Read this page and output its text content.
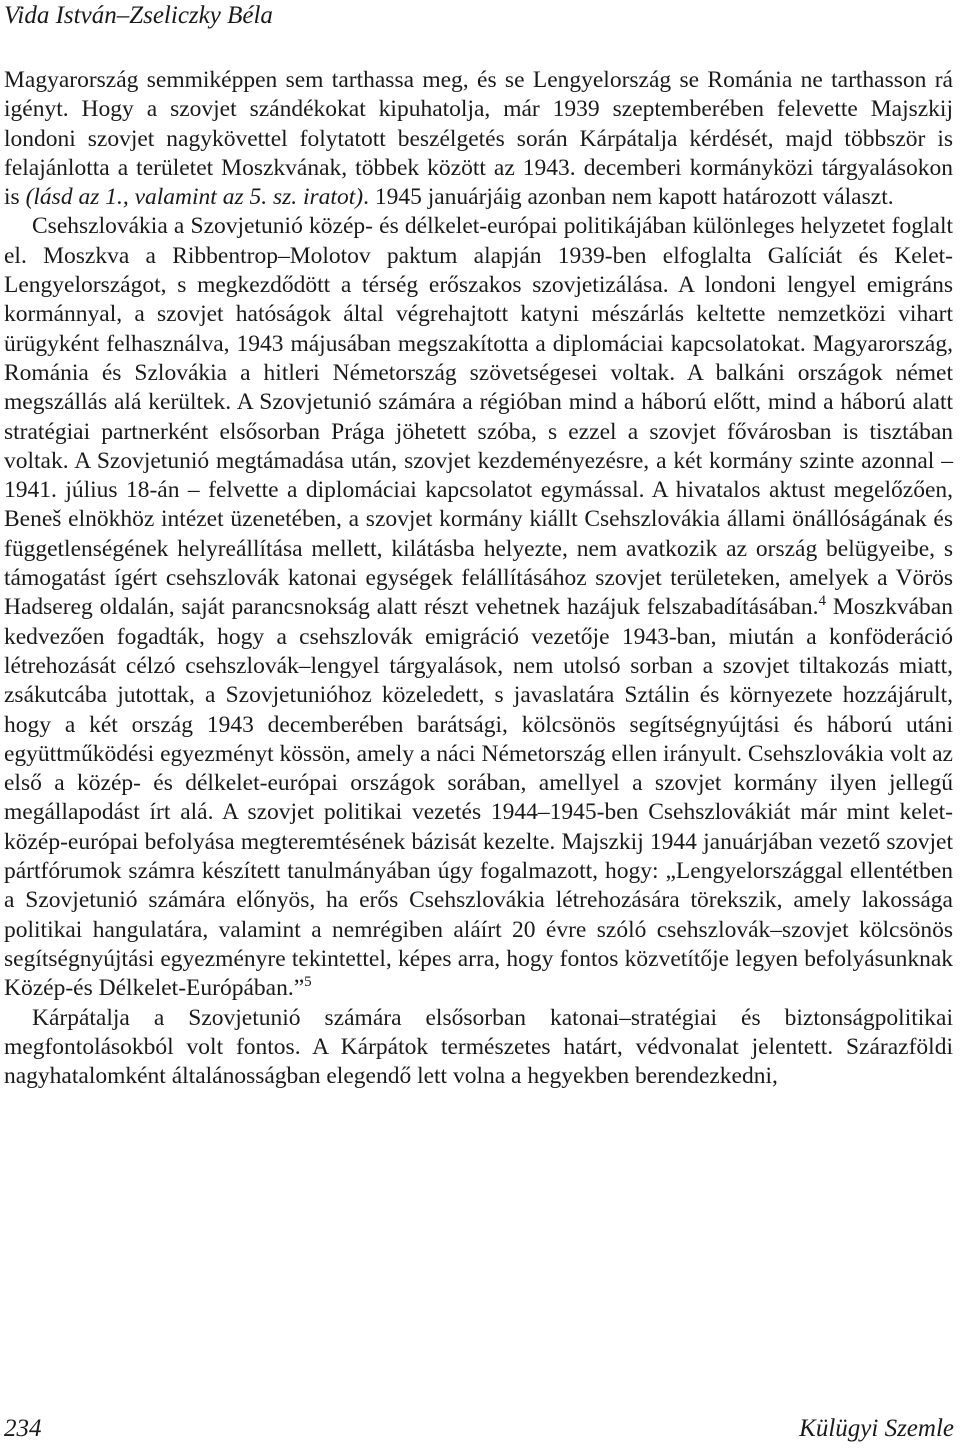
Vida István–Zseliczky Béla

Magyarország semmiképpen sem tarthassa meg, és se Lengyelország se Románia ne tarthasson rá igényt. Hogy a szovjet szándékokat kipuhatolja, már 1939 szeptemberében felevette Majszkij londoni szovjet nagykövettel folytatott beszélgetés során Kárpátalja kérdését, majd többször is felajánlotta a területet Moszkvának, többek között az 1943. decemberi kormányközi tárgyalásokon is (lásd az 1., valamint az 5. sz. iratot). 1945 januárjáig azonban nem kapott határozott választ.

Csehszlovákia a Szovjetunió közép- és délkelet-európai politikájában különleges helyzetet foglalt el. Moszkva a Ribbentrop–Molotov paktum alapján 1939-ben elfoglalta Galíciát és Kelet-Lengyelországot, s megkezdődött a térség erőszakos szovjetizálása. A londoni lengyel emigráns kormánnyal, a szovjet hatóságok által végrehajtott katyni mészárlás keltette nemzetközi vihart ürügyként felhasználva, 1943 májusában megszakította a diplomáciai kapcsolatokat. Magyarország, Románia és Szlovákia a hitleri Németország szövetségesei voltak. A balkáni országok német megszállás alá kerültek. A Szovjetunió számára a régióban mind a háború előtt, mind a háború alatt stratégiai partnerként elsősorban Prága jöhetett szóba, s ezzel a szovjet fővárosban is tisztában voltak. A Szovjetunió megtámadása után, szovjet kezdeményezésre, a két kormány szinte azonnal – 1941. július 18-án – felvette a diplomáciai kapcsolatot egymással. A hivatalos aktust megelőzően, Beneš elnökhöz intézet üzenetében, a szovjet kormány kiállt Csehszlovákia állami önállóságának és függetlenségének helyreállítása mellett, kilátásba helyezte, nem avatkozik az ország belügyeibe, s támogatást ígért csehszlovák katonai egységek felállításához szovjet területeken, amelyek a Vörös Hadsereg oldalán, saját parancsnokság alatt részt vehetnek hazájuk felszabadításában.$^4$ Moszkvában kedvezően fogadták, hogy a csehszlovák emigráció vezetője 1943-ban, miután a konföderáció létrehozását célzó csehszlovák–lengyel tárgyalások, nem utolsó sorban a szovjet tiltakozás miatt, zsákutcába jutottak, a Szovjetunióhoz közeledett, s javaslatára Sztálin és környezete hozzájárult, hogy a két ország 1943 decemberében barátsági, kölcsönös segítségnyújtási és háború utáni együttműködési egyezményt kössön, amely a náci Németország ellen irányult. Csehszlovákia volt az első a közép- és délkelet-európai országok sorában, amellyel a szovjet kormány ilyen jellegű megállapodást írt alá. A szovjet politikai vezetés 1944–1945-ben Csehszlovákiát már mint kelet-közép-európai befolyása megteremtésének bázisát kezelte. Majszkij 1944 januárjában vezető szovjet pártfórumok számra készített tanulmányában úgy fogalmazott, hogy: „Lengyelországgal ellentétben a Szovjetunió számára előnyös, ha erős Csehszlovákia létrehozására törekszik, amely lakossága politikai hangulatára, valamint a nemrégiben aláírt 20 évre szóló csehszlovák–szovjet kölcsönös segítségnyújtási egyezményre tekintettel, képes arra, hogy fontos közvetítője legyen befolyásunknak Közép-és Délkelet-Európában.”$^5$

Kárpátalja a Szovjetunió számára elsősorban katonai–stratégiai és biztonságpolitikai megfontolásokból volt fontos. A Kárpátok természetes határt, védvonalat jelentett. Szárazföldi nagyhatalomként általánosságban elegendő lett volna a hegyekben berendezkedni,

234	Külügyi Szemle
